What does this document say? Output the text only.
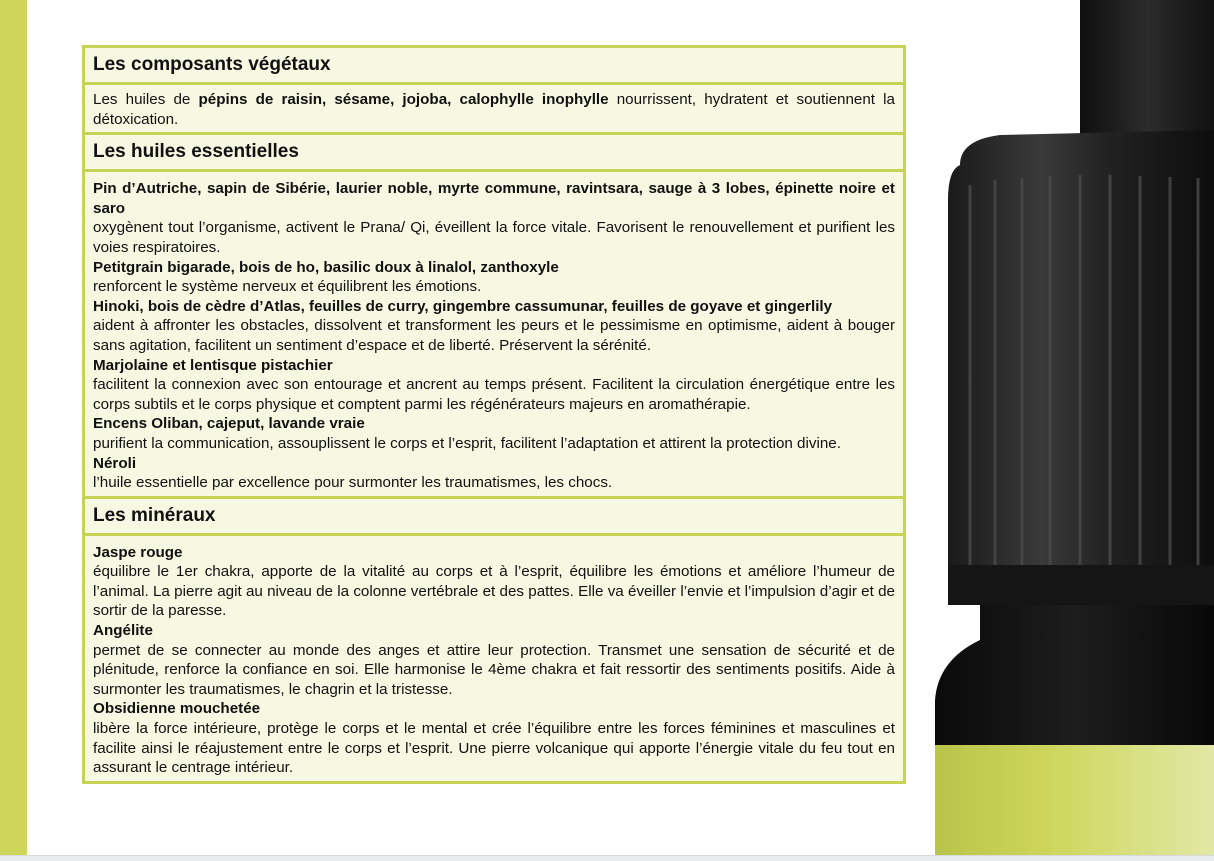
Les composants végétaux
Les huiles de pépins de raisin, sésame, jojoba, calophylle inophylle nourrissent, hydratent et soutiennent la détoxication.
Les huiles essentielles
Pin d’Autriche, sapin de Sibérie, laurier noble, myrte commune, ravintsara, sauge à 3 lobes, épinette noire et saro
oxygènent tout l’organisme, activent le Prana/ Qi, éveillent la force vitale. Favorisent le renouvellement et purifient les voies respiratoires.
Petitgrain bigarade, bois de ho, basilic doux à linalol, zanthoxyle
renforcent le système nerveux et équilibrent les émotions.
Hinoki, bois de cèdre d’Atlas, feuilles de curry, gingembre cassumunar, feuilles de goyave et gingerlily
aident à affronter les obstacles, dissolvent et transforment les peurs et le pessimisme en optimisme, aident à bouger sans agitation, facilitent un sentiment d’espace et de liberté. Préservent la sérénité.
Marjolaine et lentisque pistachier
facilitent la connexion avec son entourage et ancrent au temps présent. Facilitent la circulation énergétique entre les corps subtils et le corps physique et comptent parmi les régénérateurs majeurs en aromathérapie.
Encens Oliban, cajeput, lavande vraie
purifient la communication, assouplissent le corps et l’esprit, facilitent l’adaptation et attirent la protection divine.
Néroli
l’huile essentielle par excellence pour surmonter les traumatismes, les chocs.
Les minéraux
Jaspe rouge
équilibre le 1er chakra, apporte de la vitalité au corps et à l’esprit, équilibre les émotions et améliore l’humeur de l’animal. La pierre agit au niveau de la colonne vertébrale et des pattes. Elle va éveiller l’envie et l’impulsion d’agir et de sortir de la paresse.
Angélite
permet de se connecter au monde des anges et attire leur protection. Transmet une sensation de sécurité et de plénitude, renforce la confiance en soi. Elle harmonise le 4ème chakra et fait ressortir des sentiments positifs. Aide à surmonter les traumatismes, le chagrin et la tristesse.
Obsidienne mouchetée
libère la force intérieure, protège le corps et le mental et crée l’équilibre entre les forces féminines et masculines et facilite ainsi le réajustement entre le corps et l’esprit. Une pierre volcanique qui apporte l’énergie vitale du feu tout en assurant le centrage intérieur.
